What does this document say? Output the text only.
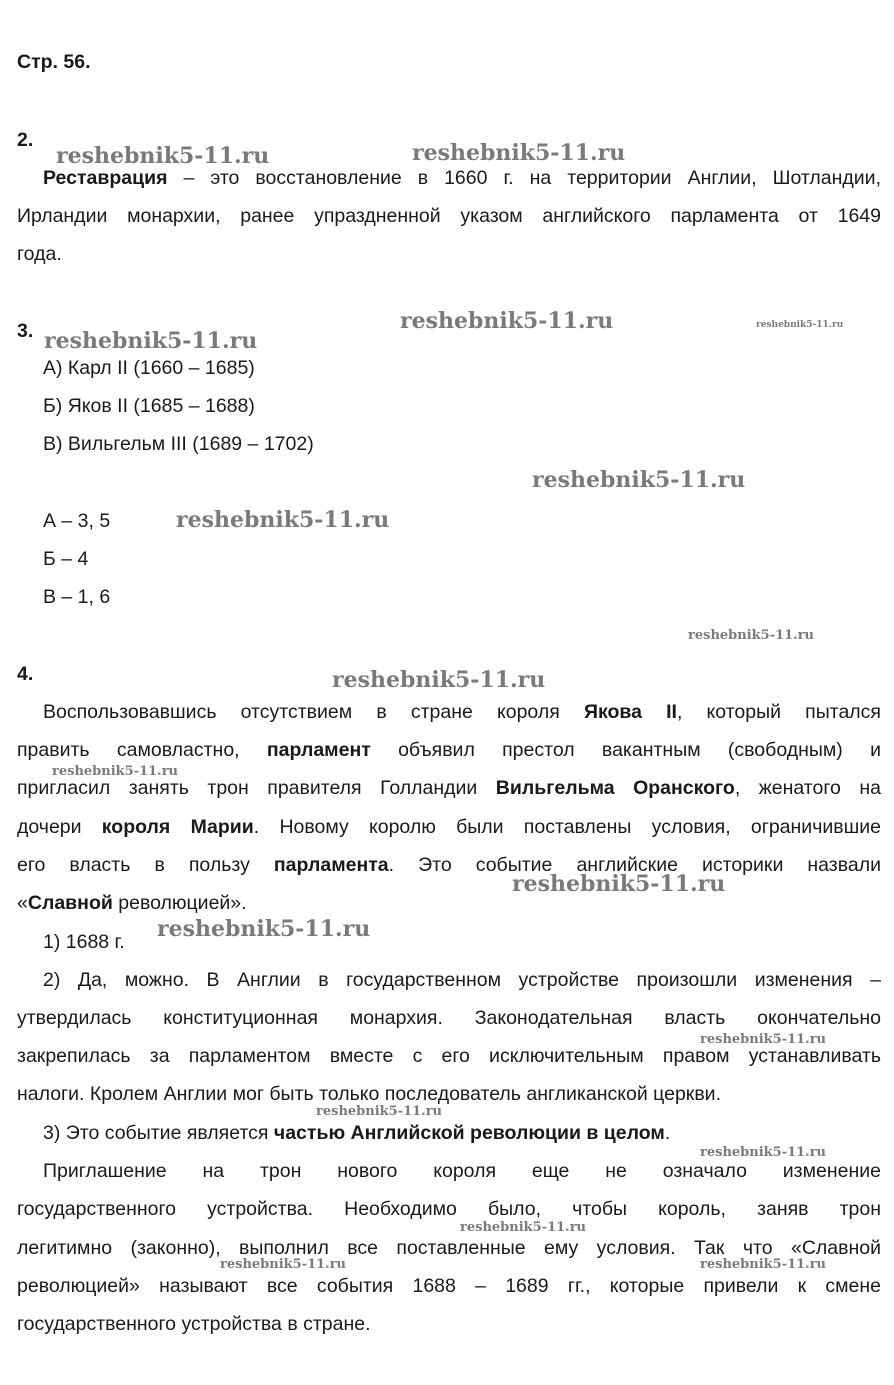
Стр. 56.
2.
Реставрация – это восстановление в 1660 г. на территории Англии, Шотландии,
Ирландии монархии, ранее упраздненной указом английского парламента от 1649
года.
3.
А) Карл II (1660 – 1685)
Б) Яков II (1685 – 1688)
В) Вильгельм III (1689 – 1702)
А – 3, 5
Б – 4
В – 1, 6
4.
Воспользовавшись отсутствием в стране короля Якова II, который пытался
править самовластно, парламент объявил престол вакантным (свободным) и
пригласил занять трон правителя Голландии Вильгельма Оранского, женатого на
дочери короля Марии. Новому королю были поставлены условия, ограничившие
его власть в пользу парламента. Это событие английские историки назвали
«Славной революцией».
1) 1688 г.
2) Да, можно. В Англии в государственном устройстве произошли изменения –
утвердилась конституционная монархия. Законодательная власть окончательно
закрепилась за парламентом вместе с его исключительным правом устанавливать
налоги. Кролем Англии мог быть только последователь англиканской церкви.
3) Это событие является частью Английской революции в целом.
Приглашение на трон нового короля еще не означало изменение
государственного устройства. Необходимо было, чтобы король, заняв трон
легитимно (законно), выполнил все поставленные ему условия. Так что «Славной
революцией» называют все события 1688 – 1689 гг., которые привели к смене
государственного устройства в стране.
reshebnik5-11.ru	reshebnik5-11.ru
reshebnik5-11.ru
reshebnik5-11.ru	reshebnik5-11.ru
reshebnik5-11.ru
reshebnik5-11.ru
reshebnik5-11.ru
reshebnik5-11.ru
reshebnik5-11.ru
reshebnik5-11.ru
reshebnik5-11.ru
reshebnik5-11.ru
reshebnik5-11.ru
reshebnik5-11.ru
reshebnik5-11.ru
reshebnik5-11.ru	reshebnik5-11.ru
